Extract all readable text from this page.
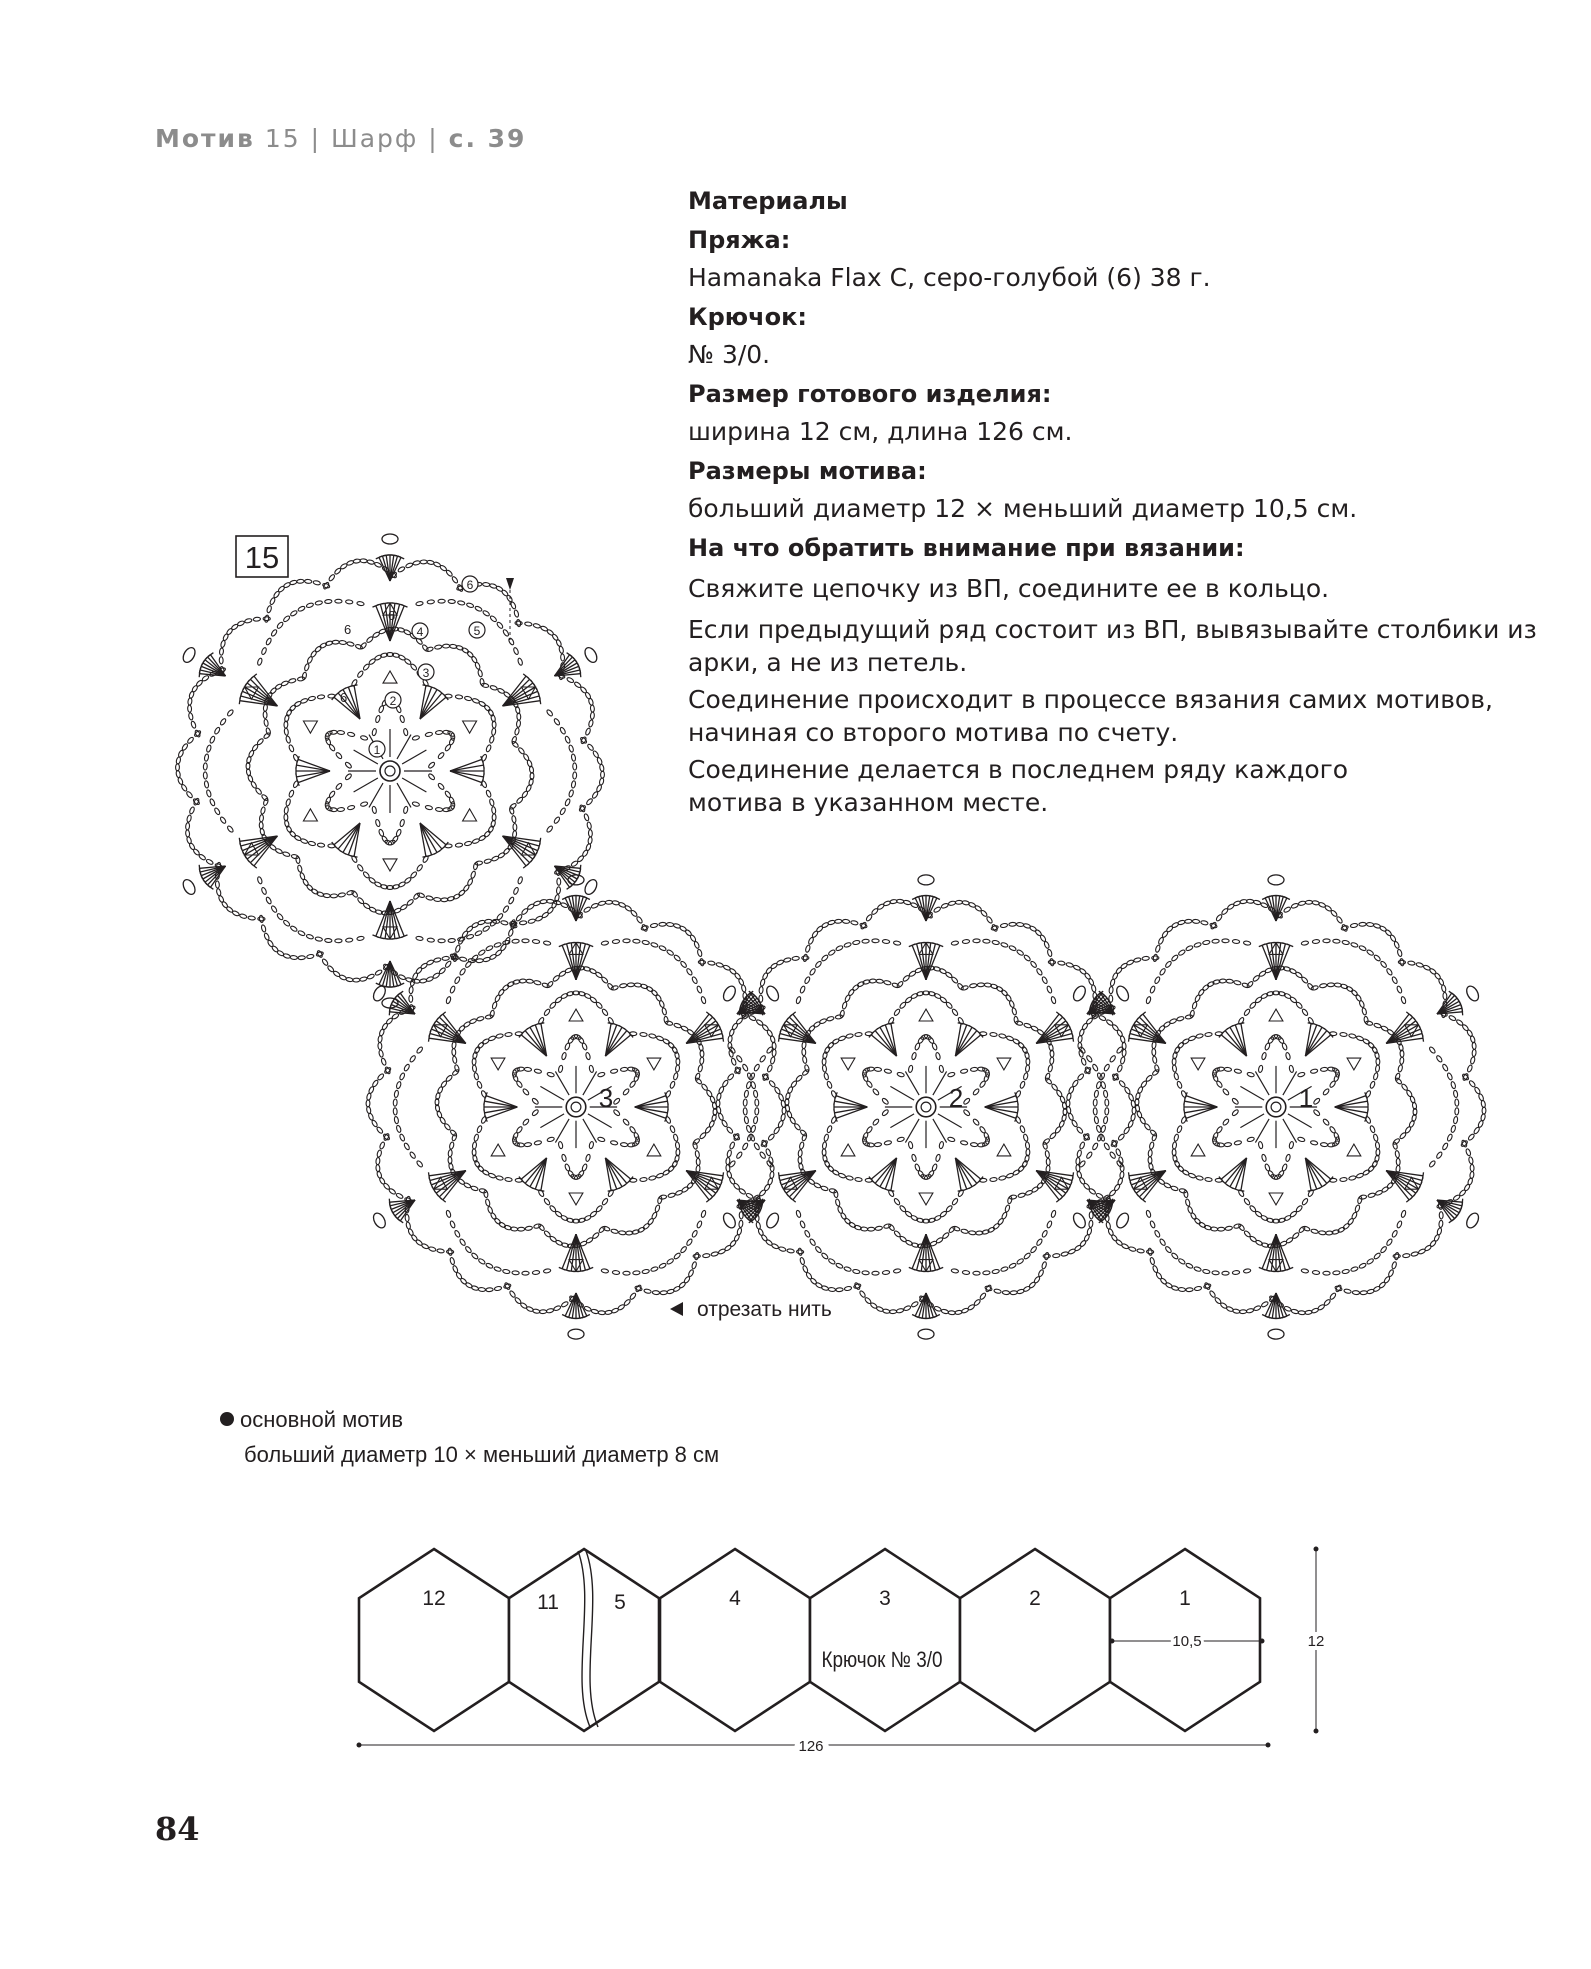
Мотив 15 | Шарф | с. 39
Материалы
Пряжа:
Hamanaka Flax C, серо-голубой (6) 38 г.
Крючок:
№ 3/0.
Размер готового изделия:
ширина 12 см, длина 126 см.
Размеры мотива:
больший диаметр 12 × меньший диаметр 10,5 см.
На что обратить внимание при вязании:
Свяжите цепочку из ВП, соедините ее в кольцо.
Если предыдущий ряд состоит из ВП, вывязывайте столбики из арки, а не из петель.
Соединение происходит в процессе вязания самих мотивов, начиная со второго мотива по счету.
Соединение делается в последнем ряду каждого мотива в указанном месте.
15
1
2
3
4	5
6
6
6
6
3	2	1
12	11	5	4	3	2	1
Крючок № 3/0
10,5	12
126
отрезать нить
основной мотив
больший диаметр 10 × меньший диаметр 8 см
84
